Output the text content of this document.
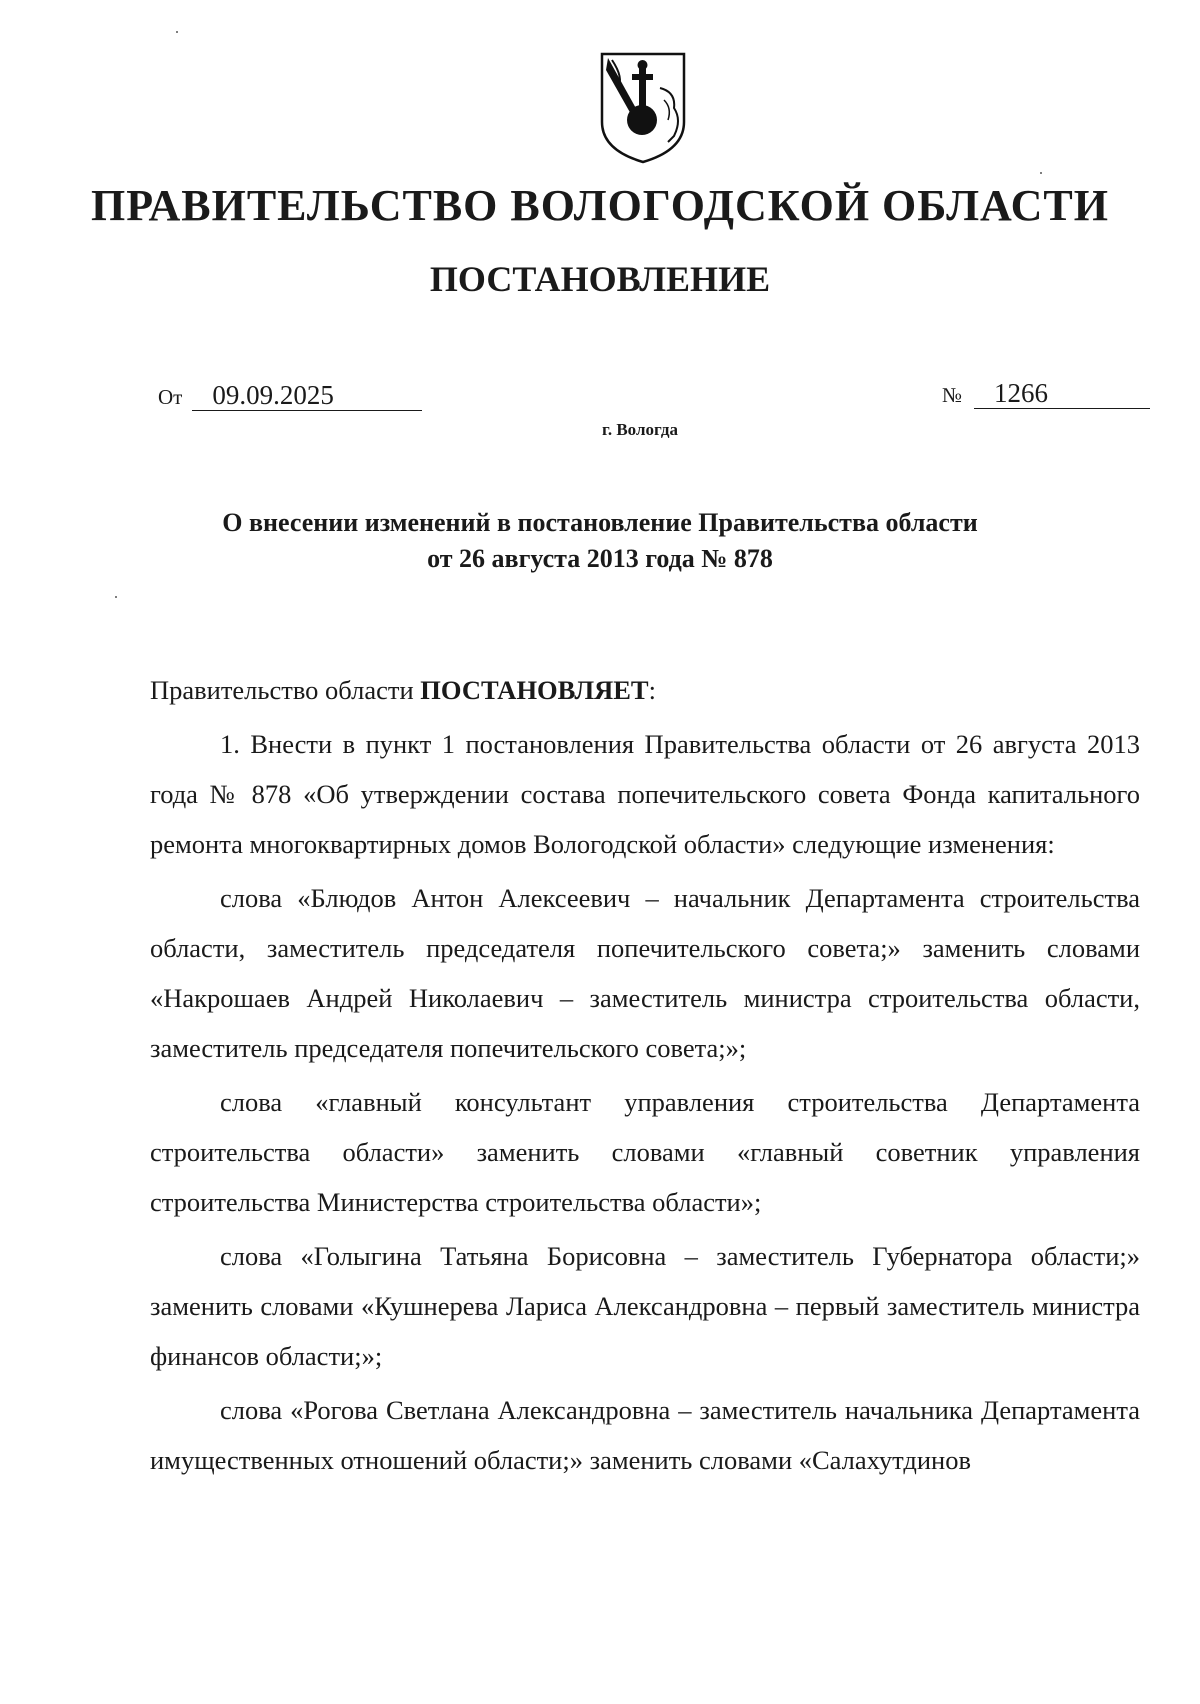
ПРАВИТЕЛЬСТВО ВОЛОГОДСКОЙ ОБЛАСТИ
ПОСТАНОВЛЕНИЕ
От 09.09.2025	№ 1266
г. Вологда
О внесении изменений в постановление Правительства области
от 26 августа 2013 года № 878

Правительство области ПОСТАНОВЛЯЕТ:

1. Внести в пункт 1 постановления Правительства области от 26 августа 2013 года № 878 «Об утверждении состава попечительского совета Фонда капитального ремонта многоквартирных домов Вологодской области» следующие изменения:

слова «Блюдов Антон Алексеевич – начальник Департамента строительства области, заместитель председателя попечительского совета;» заменить словами «Накрошаев Андрей Николаевич – заместитель министра строительства области, заместитель председателя попечительского совета;»;

слова «главный консультант управления строительства Департамента строительства области» заменить словами «главный советник управления строительства Министерства строительства области»;

слова «Голыгина Татьяна Борисовна – заместитель Губернатора области;» заменить словами «Кушнерева Лариса Александровна – первый заместитель министра финансов области;»;

слова «Рогова Светлана Александровна – заместитель начальника Департамента имущественных отношений области;» заменить словами «Салахутдинов
